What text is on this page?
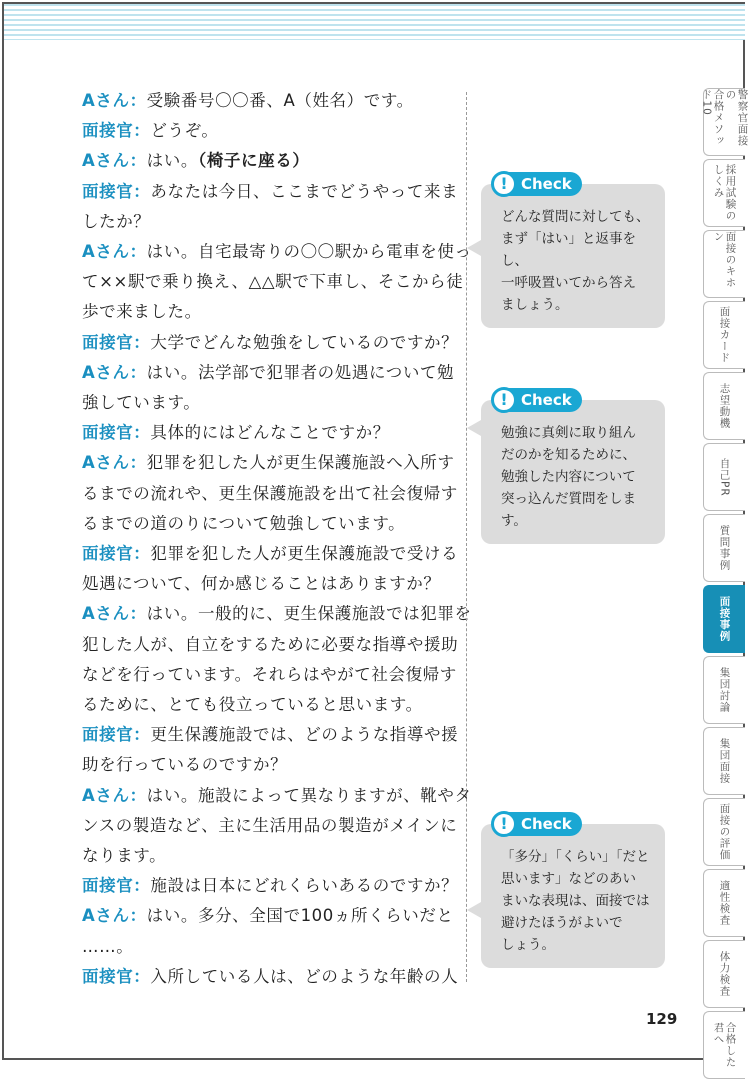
Aさん：受験番号〇〇番、A（姓名）です。
面接官：どうぞ。
Aさん：はい。（椅子に座る）
面接官：あなたは今日、ここまでどうやって来ま
したか？
Aさん：はい。自宅最寄りの〇〇駅から電車を使っ
て××駅で乗り換え、△△駅で下車し、そこから徒
歩で来ました。
面接官：大学でどんな勉強をしているのですか？
Aさん：はい。法学部で犯罪者の処遇について勉
強しています。
面接官：具体的にはどんなことですか？
Aさん：犯罪を犯した人が更生保護施設へ入所す
るまでの流れや、更生保護施設を出て社会復帰す
るまでの道のりについて勉強しています。
面接官：犯罪を犯した人が更生保護施設で受ける
処遇について、何か感じることはありますか？
Aさん：はい。一般的に、更生保護施設では犯罪を
犯した人が、自立をするために必要な指導や援助
などを行っています。それらはやがて社会復帰す
るために、とても役立っていると思います。
面接官：更生保護施設では、どのような指導や援
助を行っているのですか？
Aさん：はい。施設によって異なりますが、靴やタ
ンスの製造など、主に生活用品の製造がメインに
なります。
面接官：施設は日本にどれくらいあるのですか？
Aさん：はい。多分、全国で100ヵ所くらいだと
……。
面接官：入所している人は、どのような年齢の人
! Check
どんな質問に対しても、
まず「はい」と返事をし、
一呼吸置いてから答え
ましょう。
! Check
勉強に真剣に取り組ん
だのかを知るために、
勉強した内容について
突っ込んだ質問をしま
す。
! Check
「多分」「くらい」「だと
思います」などのあい
まいな表現は、面接では
避けたほうがよいで
しょう。
警察官面接の
合格メソッド10
採用試験の
しくみ
面接のキホン
面接カード
志望動機
自己PR
質問事例
面接事例
集団討論
集団面接
面接の評価
適性検査
体力検査
合格した
君へ
129
